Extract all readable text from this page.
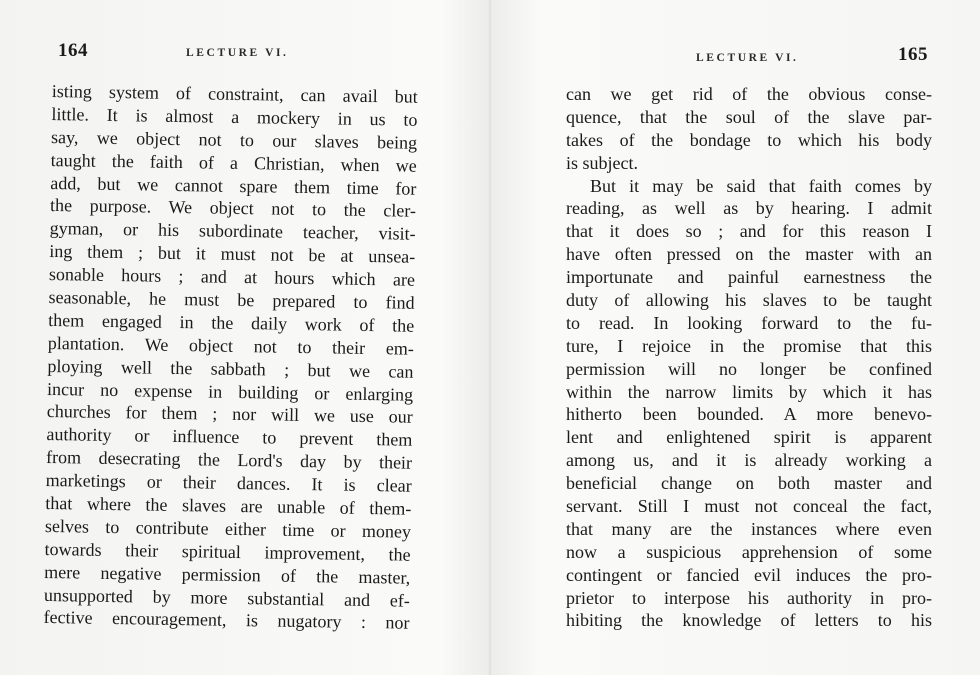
164	LECTURE VI.
isting system of constraint, can avail but
little. It is almost a mockery in us to
say, we object not to our slaves being
taught the faith of a Christian, when we
add, but we cannot spare them time for
the purpose. We object not to the cler-
gyman, or his subordinate teacher, visit-
ing them ; but it must not be at unsea-
sonable hours ; and at hours which are
seasonable, he must be prepared to find
them engaged in the daily work of the
plantation. We object not to their em-
ploying well the sabbath ; but we can
incur no expense in building or enlarging
churches for them ; nor will we use our
authority or influence to prevent them
from desecrating the Lord's day by their
marketings or their dances. It is clear
that where the slaves are unable of them-
selves to contribute either time or money
towards their spiritual improvement, the
mere negative permission of the master,
unsupported by more substantial and ef-
fective encouragement, is nugatory : nor
LECTURE VI.	165
can we get rid of the obvious conse-
quence, that the soul of the slave par-
takes of the bondage to which his body
is subject.
But it may be said that faith comes by
reading, as well as by hearing. I admit
that it does so ; and for this reason I
have often pressed on the master with an
importunate and painful earnestness the
duty of allowing his slaves to be taught
to read. In looking forward to the fu-
ture, I rejoice in the promise that this
permission will no longer be confined
within the narrow limits by which it has
hitherto been bounded. A more benevo-
lent and enlightened spirit is apparent
among us, and it is already working a
beneficial change on both master and
servant. Still I must not conceal the fact,
that many are the instances where even
now a suspicious apprehension of some
contingent or fancied evil induces the pro-
prietor to interpose his authority in pro-
hibiting the knowledge of letters to his
